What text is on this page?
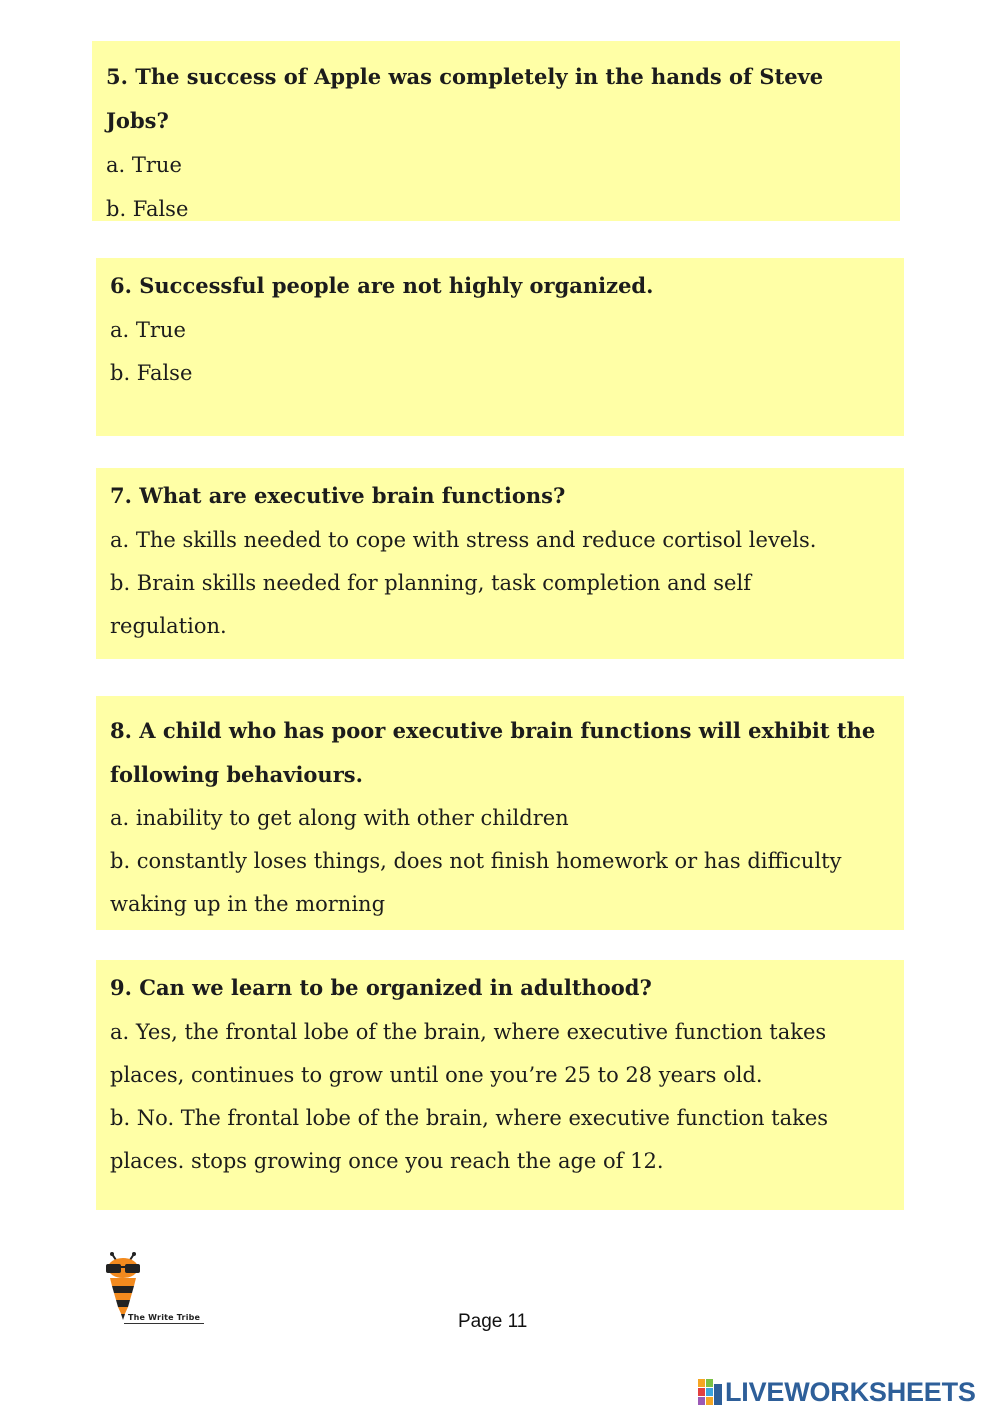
5. The success of Apple was completely in the hands of Steve
Jobs?

a. True

b. False

6. Successful people are not highly organized.

a. True

b. False

7. What are executive brain functions?

a. The skills needed to cope with stress and reduce cortisol levels.

b. Brain skills needed for planning, task completion and self
regulation.

8. A child who has poor executive brain functions will exhibit the
following behaviours.

a. inability to get along with other children

b. constantly loses things, does not finish homework or has difficulty
waking up in the morning

9. Can we learn to be organized in adulthood?

a. Yes, the frontal lobe of the brain, where executive function takes
places, continues to grow until one you’re 25 to 28 years old.

b. No. The frontal lobe of the brain, where executive function takes
places. stops growing once you reach the age of 12.

The Write Tribe	Page 11
LIVEWORKSHEETS
